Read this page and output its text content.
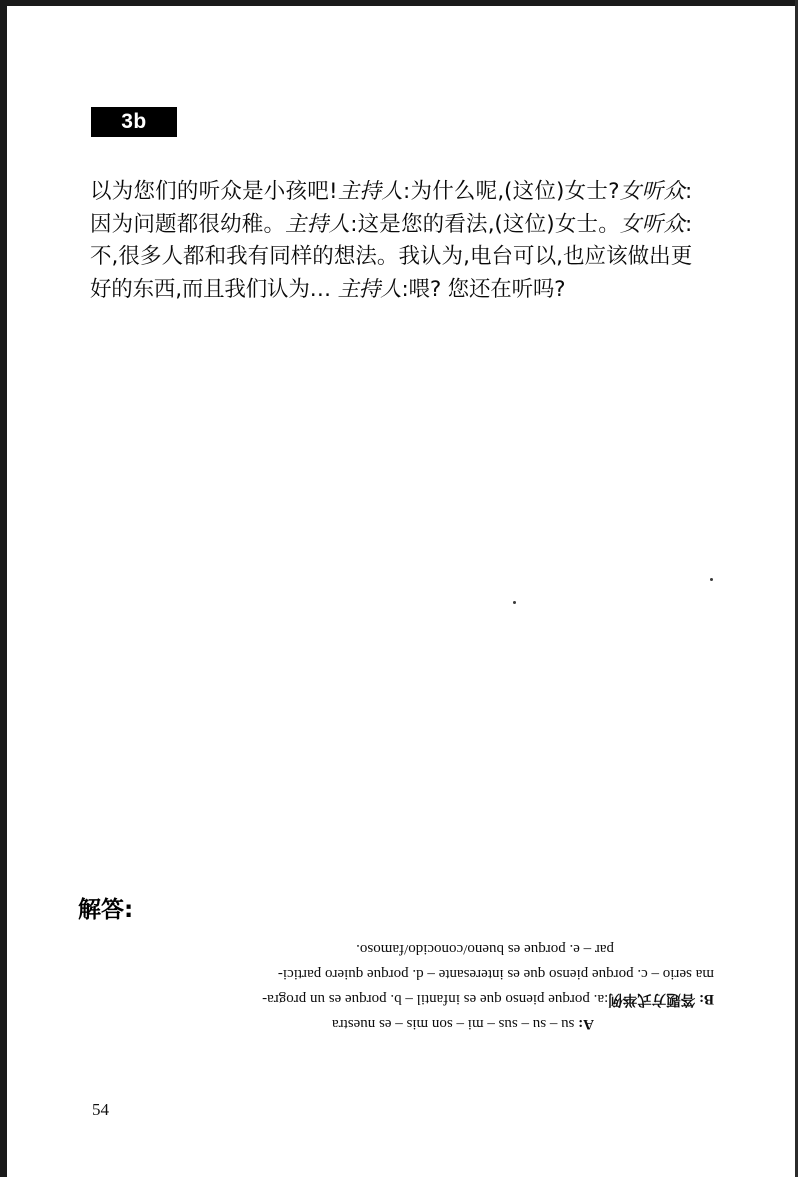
3b
以为您们的听众是小孩吧!主持人:为什么呢,(这位)女士?女听众:因为问题都很幼稚。主持人:这是您的看法,(这位)女士。女听众:不,很多人都和我有同样的想法。我认为,电台可以,也应该做出更好的东西,而且我们认为… 主持人:喂? 您还在听吗?
解答:
A: su – su – sus – mi – son mis – es nuestra
B: 答题方式举例:a. porque pienso que es infantil – b. porque es un progra-
ma serio – c. porque pienso que es interesante – d. porque quiero partici-
par – e. porque es bueno/conocido/famoso.
54
